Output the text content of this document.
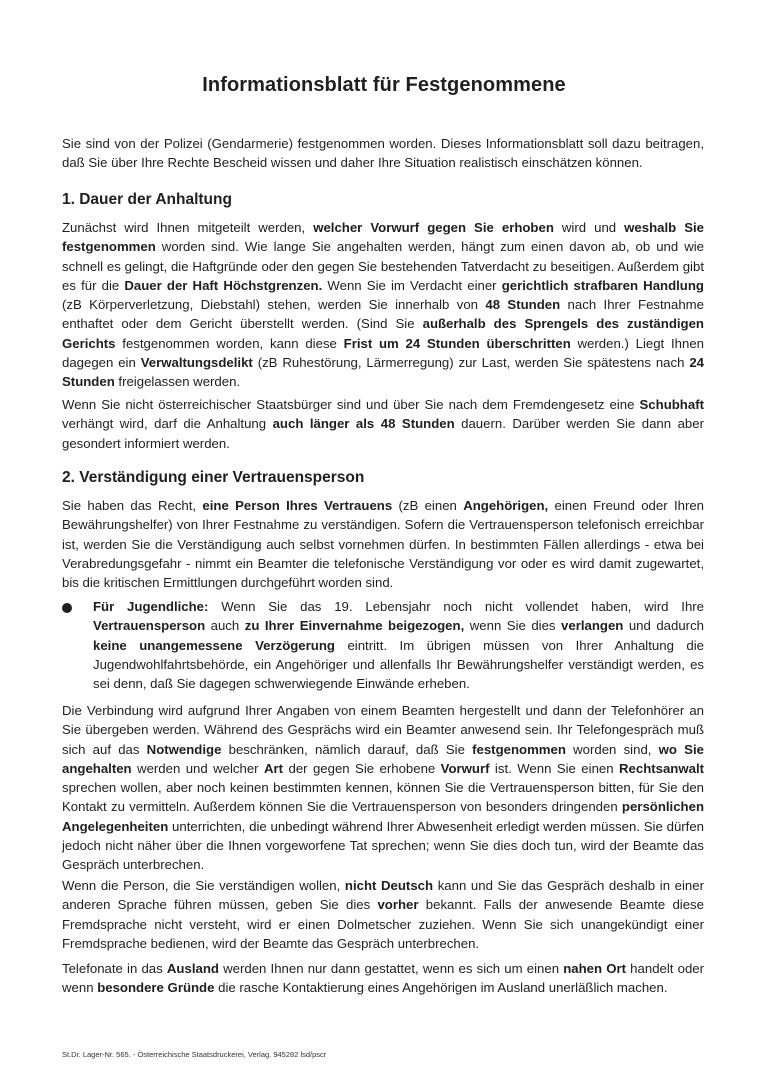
Informationsblatt für Festgenommene

Sie sind von der Polizei (Gendarmerie) festgenommen worden. Dieses Informationsblatt soll dazu beitragen, daß Sie über Ihre Rechte Bescheid wissen und daher Ihre Situation realistisch einschätzen können.

1. Dauer der Anhaltung

Zunächst wird Ihnen mitgeteilt werden, welcher Vorwurf gegen Sie erhoben wird und weshalb Sie festgenommen worden sind. Wie lange Sie angehalten werden, hängt zum einen davon ab, ob und wie schnell es gelingt, die Haftgründe oder den gegen Sie bestehenden Tatverdacht zu beseitigen. Außerdem gibt es für die Dauer der Haft Höchstgrenzen. Wenn Sie im Verdacht einer gerichtlich strafbaren Handlung (zB Körperverletzung, Diebstahl) stehen, werden Sie innerhalb von 48 Stunden nach Ihrer Festnahme enthaftet oder dem Gericht überstellt werden. (Sind Sie außerhalb des Sprengels des zuständigen Gerichts festgenommen worden, kann diese Frist um 24 Stunden überschritten werden.) Liegt Ihnen dagegen ein Verwaltungsdelikt (zB Ruhestörung, Lärmerregung) zur Last, werden Sie spätestens nach 24 Stunden freigelassen werden.

Wenn Sie nicht österreichischer Staatsbürger sind und über Sie nach dem Fremdengesetz eine Schubhaft verhängt wird, darf die Anhaltung auch länger als 48 Stunden dauern. Darüber werden Sie dann aber gesondert informiert werden.

2. Verständigung einer Vertrauensperson

Sie haben das Recht, eine Person Ihres Vertrauens (zB einen Angehörigen, einen Freund oder Ihren Bewährungshelfer) von Ihrer Festnahme zu verständigen. Sofern die Vertrauensperson telefonisch erreichbar ist, werden Sie die Verständigung auch selbst vornehmen dürfen. In bestimmten Fällen allerdings - etwa bei Verabredungsgefahr - nimmt ein Beamter die telefonische Verständigung vor oder es wird damit zugewartet, bis die kritischen Ermittlungen durchgeführt worden sind.

Für Jugendliche: Wenn Sie das 19. Lebensjahr noch nicht vollendet haben, wird Ihre Vertrauensperson auch zu Ihrer Einvernahme beigezogen, wenn Sie dies verlangen und dadurch keine unangemessene Verzögerung eintritt. Im übrigen müssen von Ihrer Anhaltung die Jugendwohlfahrtsbehörde, ein Angehöriger und allenfalls Ihr Bewährungshelfer verständigt werden, es sei denn, daß Sie dagegen schwerwiegende Einwände erheben.

Die Verbindung wird aufgrund Ihrer Angaben von einem Beamten hergestellt und dann der Telefonhörer an Sie übergeben werden. Während des Gesprächs wird ein Beamter anwesend sein. Ihr Telefongespräch muß sich auf das Notwendige beschränken, nämlich darauf, daß Sie festgenommen worden sind, wo Sie angehalten werden und welcher Art der gegen Sie erhobene Vorwurf ist. Wenn Sie einen Rechtsanwalt sprechen wollen, aber noch keinen bestimmten kennen, können Sie die Vertrauensperson bitten, für Sie den Kontakt zu vermitteln. Außerdem können Sie die Vertrauensperson von besonders dringenden persönlichen Angelegenheiten unterrichten, die unbedingt während Ihrer Abwesenheit erledigt werden müssen. Sie dürfen jedoch nicht näher über die Ihnen vorgeworfene Tat sprechen; wenn Sie dies doch tun, wird der Beamte das Gespräch unterbrechen.

Wenn die Person, die Sie verständigen wollen, nicht Deutsch kann und Sie das Gespräch deshalb in einer anderen Sprache führen müssen, geben Sie dies vorher bekannt. Falls der anwesende Beamte diese Fremdsprache nicht versteht, wird er einen Dolmetscher zuziehen. Wenn Sie sich unangekündigt einer Fremdsprache bedienen, wird der Beamte das Gespräch unterbrechen.

Telefonate in das Ausland werden Ihnen nur dann gestattet, wenn es sich um einen nahen Ort handelt oder wenn besondere Gründe die rasche Kontaktierung eines Angehörigen im Ausland unerläßlich machen.

St.Dr. Lager-Nr. 565. - Österreichische Staatsdruckerei, Verlag. 945282 lsd/pscr
